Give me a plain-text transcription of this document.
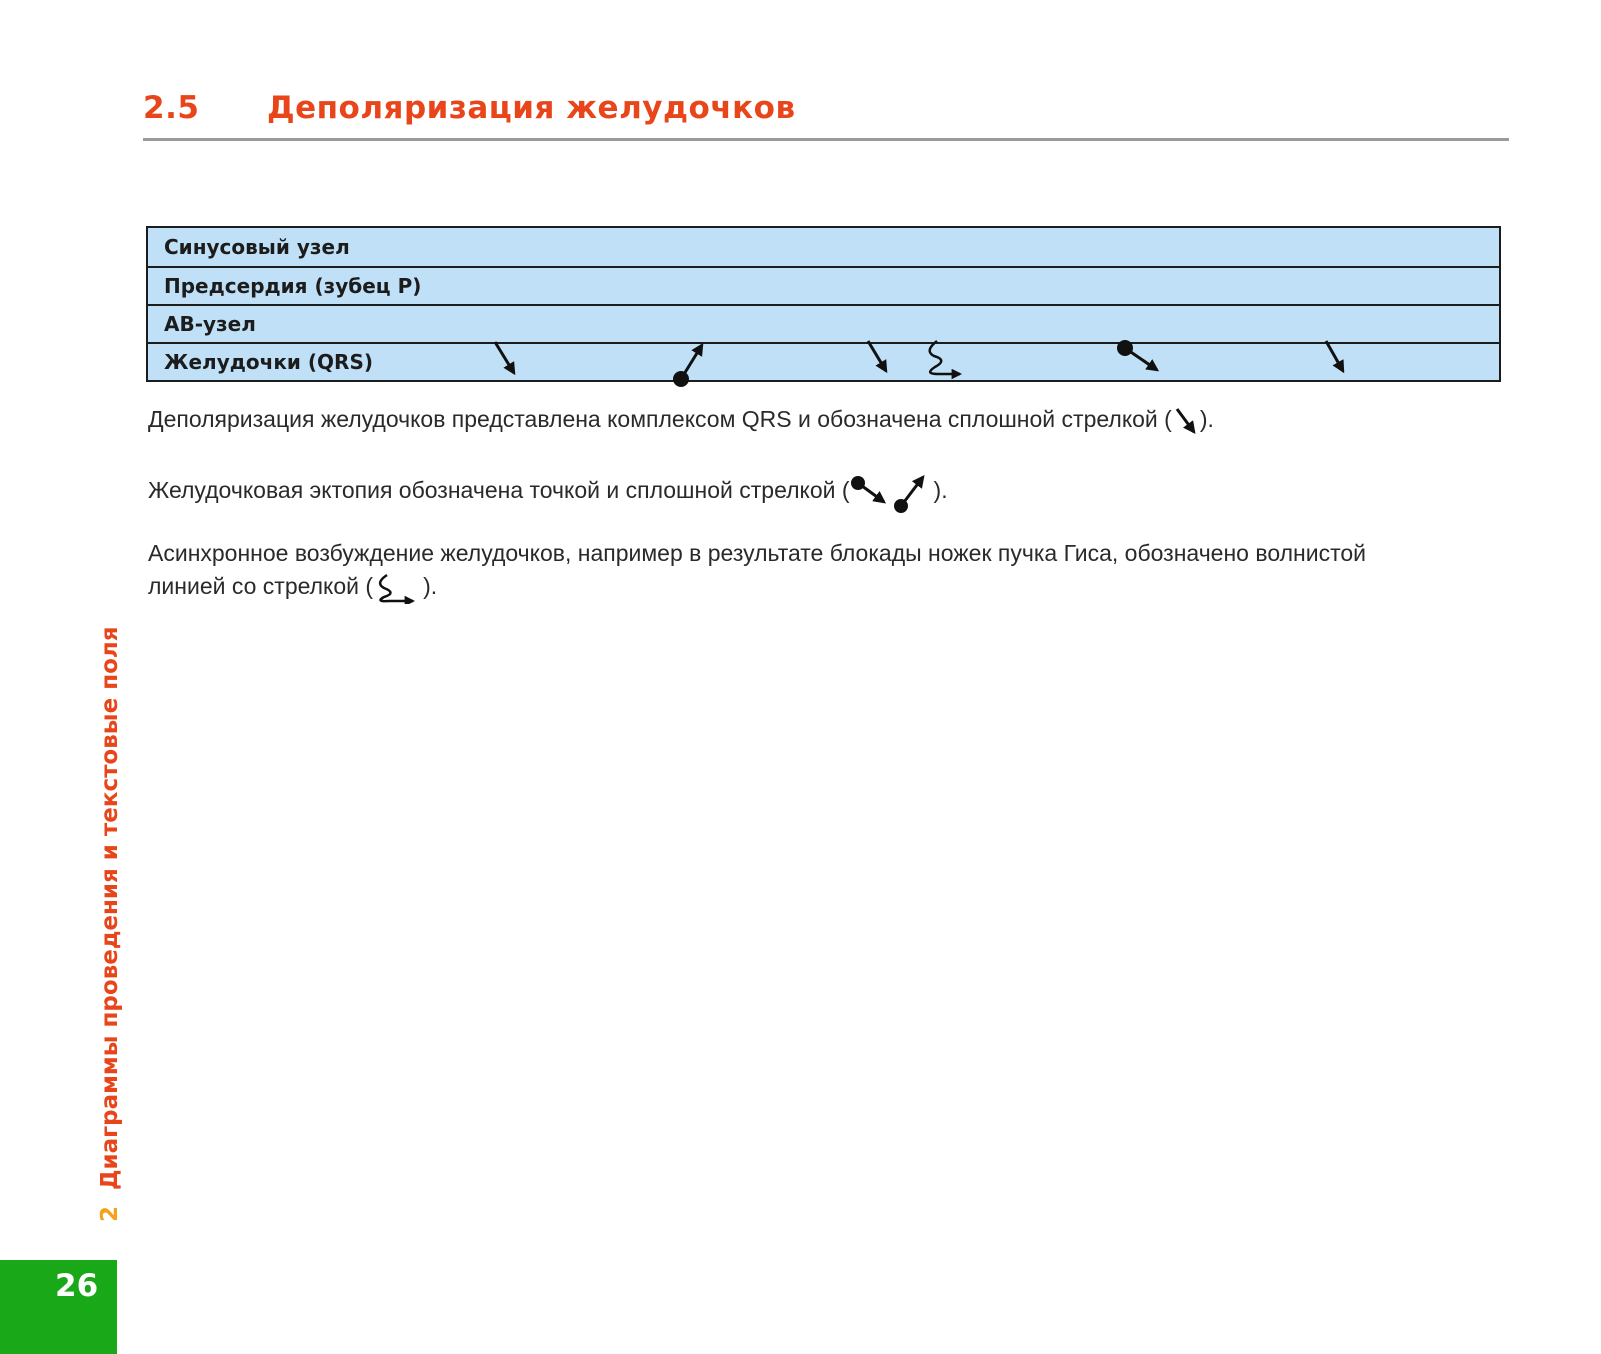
2.5 Деполяризация желудочков
Синусовый узел
Предсердия (зубец P)
АВ-узел
Желудочки (QRS)

Деполяризация желудочков представлена комплексом QRS и обозначена сплошной стрелкой ( ).

Желудочковая эктопия обозначена точкой и сплошной стрелкой (	).

Асинхронное возбуждение желудочков, например в результате блокады ножек пучка Гиса, обозначено волнистой линией со стрелкой ( ).

2Диаграммы проведения и текстовые поля
26
